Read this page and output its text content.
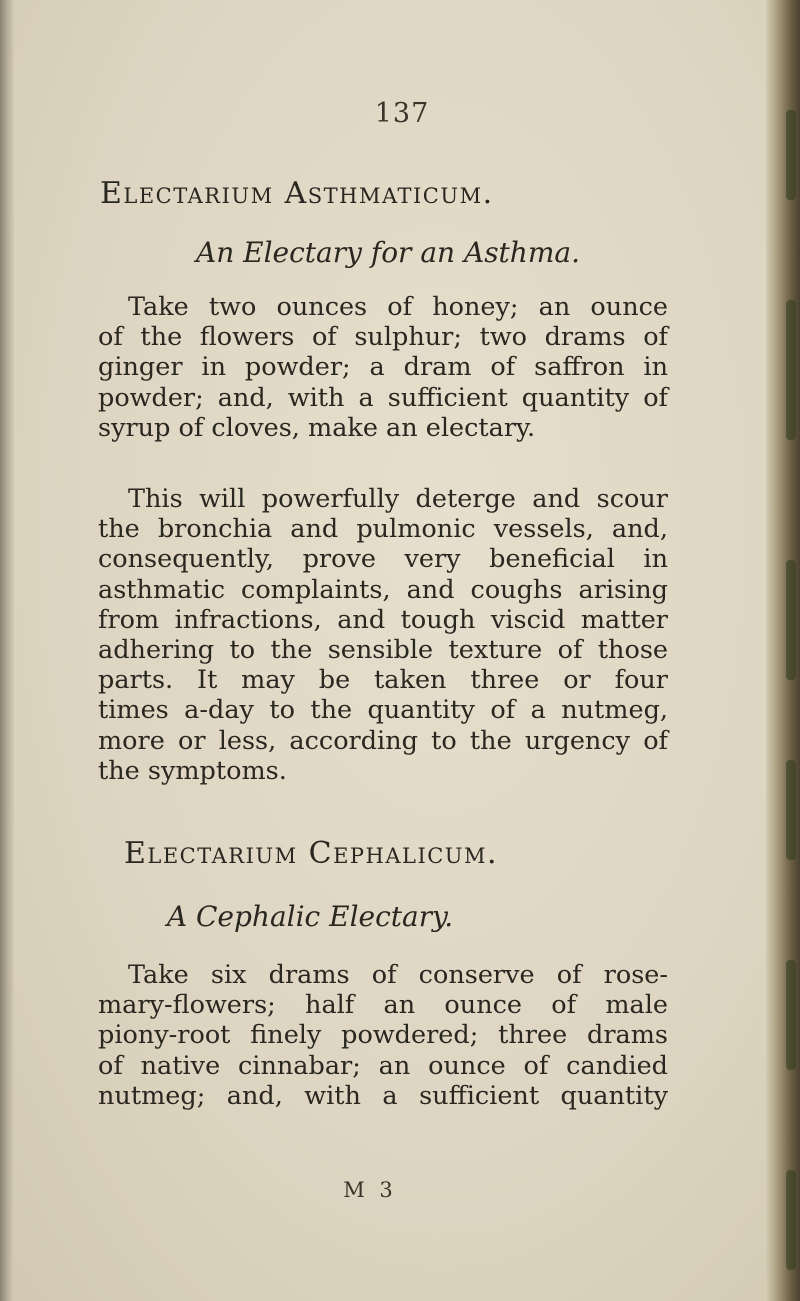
137
Electarium Asthmaticum.
An Electary for an Asthma.
Take two ounces of honey; an ounce
of the flowers of sulphur; two drams of
ginger in powder; a dram of saffron in
powder; and, with a sufficient quantity of
syrup of cloves, make an electary.
This will powerfully deterge and scour
the bronchia and pulmonic vessels, and,
consequently, prove very beneficial in
asthmatic complaints, and coughs arising
from infractions, and tough viscid matter
adhering to the sensible texture of those
parts. It may be taken three or four
times a-day to the quantity of a nutmeg,
more or less, according to the urgency of
the symptoms.
Electarium Cephalicum.
A Cephalic Electary.
Take six drams of conserve of rose-
mary-flowers; half an ounce of male
piony-root finely powdered; three drams
of native cinnabar; an ounce of candied
nutmeg; and, with a sufficient quantity
M 3
